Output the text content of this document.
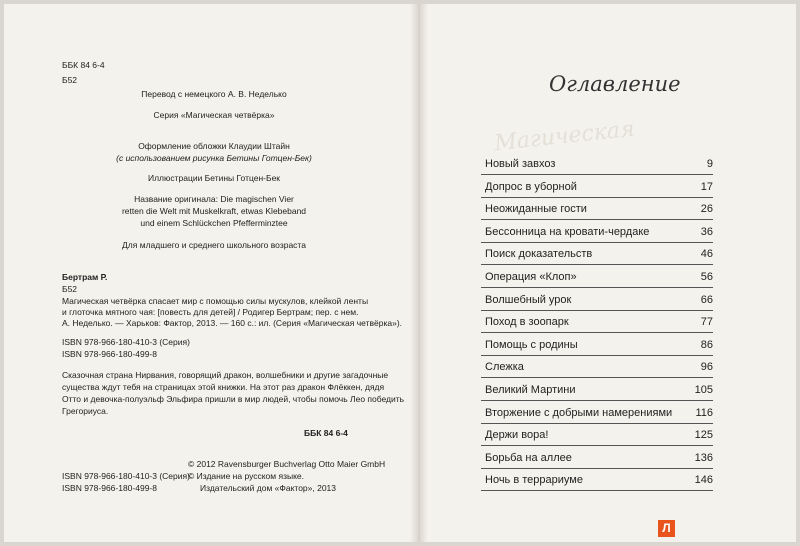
ББК 84 6-4
Б52
Перевод с немецкого А. В. Неделько
Серия «Магическая четвёрка»
Оформление обложки Клаудии Штайн
(с использованием рисунка Бетины Готцен-Бек)
Иллюстрации Бетины Готцен-Бек
Название оригинала: Die magischen Vier
retten die Welt mit Muskelkraft, etwas Klebeband
und einem Schlückchen Pfefferminztee
Для младшего и среднего школьного возраста
Бертрам Р.
Б52
Магическая четвёрка спасает мир с помощью силы мускулов, клейкой ленты
и глоточка мятного чая: [повесть для детей] / Родигер Бертрам; пер. с нем.
А. Неделько. — Харьков: Фактор, 2013. — 160 с.: ил. (Серия «Магическая четвёрка»).
ISBN 978-966-180-410-3 (Серия)
ISBN 978-966-180-499-8
Сказочная страна Нирвания, говорящий дракон, волшебники и другие загадочные
существа ждут тебя на страницах этой книжки. На этот раз дракон Флёккен, дядя
Отто и девочка-полуэльф Эльфира пришли в мир людей, чтобы помочь Лео победить
Грегориуса.
ББК 84 6-4
ISBN 978-966-180-410-3 (Серия)
ISBN 978-966-180-499-8
© 2012 Ravensburger Buchverlag Otto Maier GmbH
© Издание на русском языке.
Издательский дом «Фактор», 2013
Магическая
Оглавление
Новый завхоз	9
Допрос в уборной	17
Неожиданные гости	26
Бессонница на кровати-чердаке	36
Поиск доказательств	46
Операция «Клоп»	56
Волшебный урок	66
Поход в зоопарк	77
Помощь с родины	86
Слежка	96
Великий Мартини	105
Вторжение с добрыми намерениями 116
Держи вора!	125
Борьба на аллее	136
Ночь в террариуме	146
Л
